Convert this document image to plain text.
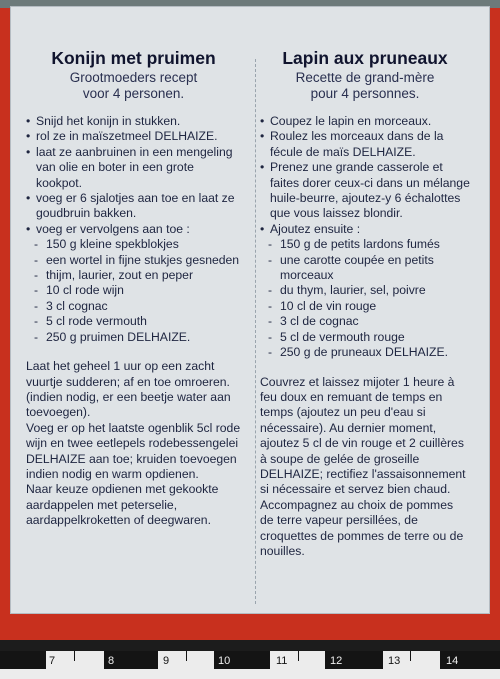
Konijn met pruimen

Grootmoeders recept

voor 4 personen.

• Snijd het konijn in stukken.
• rol ze in maïszetmeel DELHAIZE.
• laat ze aanbruinen in een mengeling van olie en boter in een grote kookpot.
• voeg er 6 sjalotjes aan toe en laat ze goudbruin bakken.
• voeg er vervolgens aan toe :
- 150 g kleine spekblokjes
- een wortel in fijne stukjes gesneden
- thijm, laurier, zout en peper
- 10 cl rode wijn
- 3 cl cognac
- 5 cl rode vermouth
- 250 g pruimen DELHAIZE.

Laat het geheel 1 uur op een zacht vuurtje sudderen; af en toe omroeren. (indien nodig, er een beetje water aan toevoegen).

Voeg er op het laatste ogenblik 5cl rode wijn en twee eetlepels rodebessengelei DELHAIZE aan toe; kruiden toevoegen indien nodig en warm opdienen.

Naar keuze opdienen met gekookte aardappelen met peterselie, aardappelkroketten of deegwaren.

Lapin aux pruneaux

Recette de grand-mère

pour 4 personnes.

• Coupez le lapin en morceaux.
• Roulez les morceaux dans de la fécule de maïs DELHAIZE.
• Prenez une grande casserole et faites dorer ceux-ci dans un mélange huile-beurre, ajoutez-y 6 échalottes que vous laissez blondir.
• Ajoutez ensuite :
- 150 g de petits lardons fumés
- une carotte coupée en petits morceaux
- du thym, laurier, sel, poivre
- 10 cl de vin rouge
- 3 cl de cognac
- 5 cl de vermouth rouge
- 250 g de pruneaux DELHAIZE.

Couvrez et laissez mijoter 1 heure à feu doux en remuant de temps en temps (ajoutez un peu d'eau si nécessaire). Au dernier moment, ajoutez 5 cl de vin rouge et 2 cuillères à soupe de gelée de groseille DELHAIZE; rectifiez l'assaisonnement si nécessaire et servez bien chaud. Accompagnez au choix de pommes de terre vapeur persillées, de croquettes de pommes de terre ou de nouilles.

7	8	9	10	11	12	13	14
